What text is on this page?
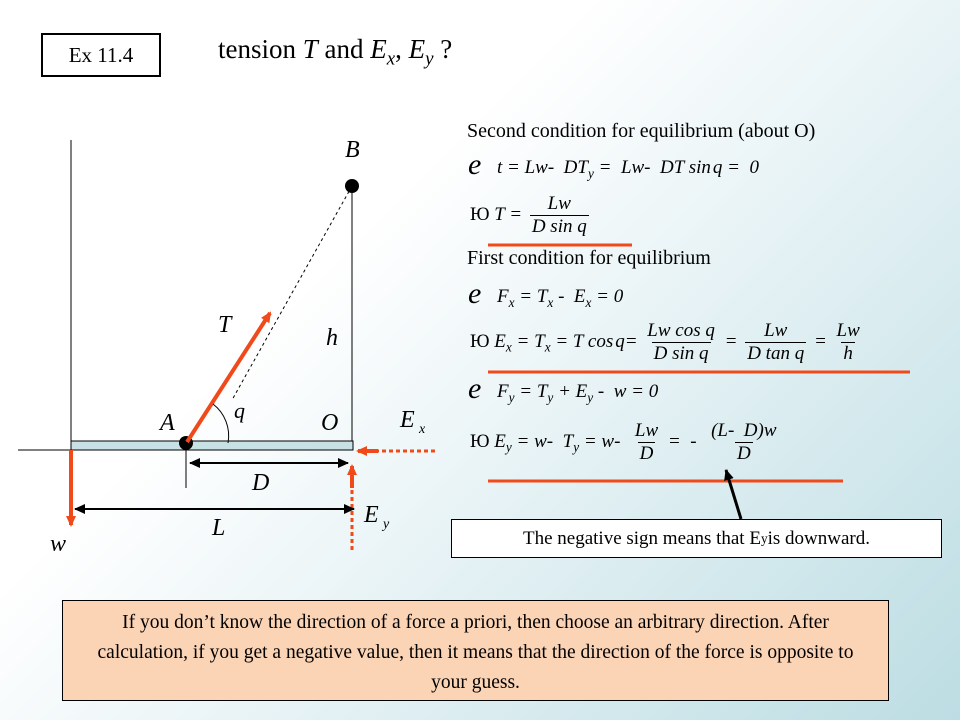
Ex 11.4	tension T and $E_x$, $E_y$ ?
B
T	h
A	q	O	E x
D
L	E y
w
Second condition for equilibrium (about O)
e t = Lw-  $DT_y = Lw-$  DT sin q =  0
Ю $T = \frac{Lw}{\text{D sin q}}$
First condition for equilibrium
e $F_x = T_x - E_x = 0$
Ю $E_x = T_x = T$ $\cos q= \frac{\text{Lw cos q}}{\text{D sin q}} = \frac{Lw}{\text{D tan q}} = \frac{Lw}{h}$
e $F_y = T_y + E_y - w = 0$
Ю $E_y = w-$  $T_y = w- \frac{Lw}{D}$ =  - $\frac{(L- D)w}{D}$
The negative sign means that E y is downward.
If you don’t know the direction of a force a priori, then choose an arbitrary direction. After calculation, if you get a negative value, then it means that the direction of the force is opposite to your guess.
